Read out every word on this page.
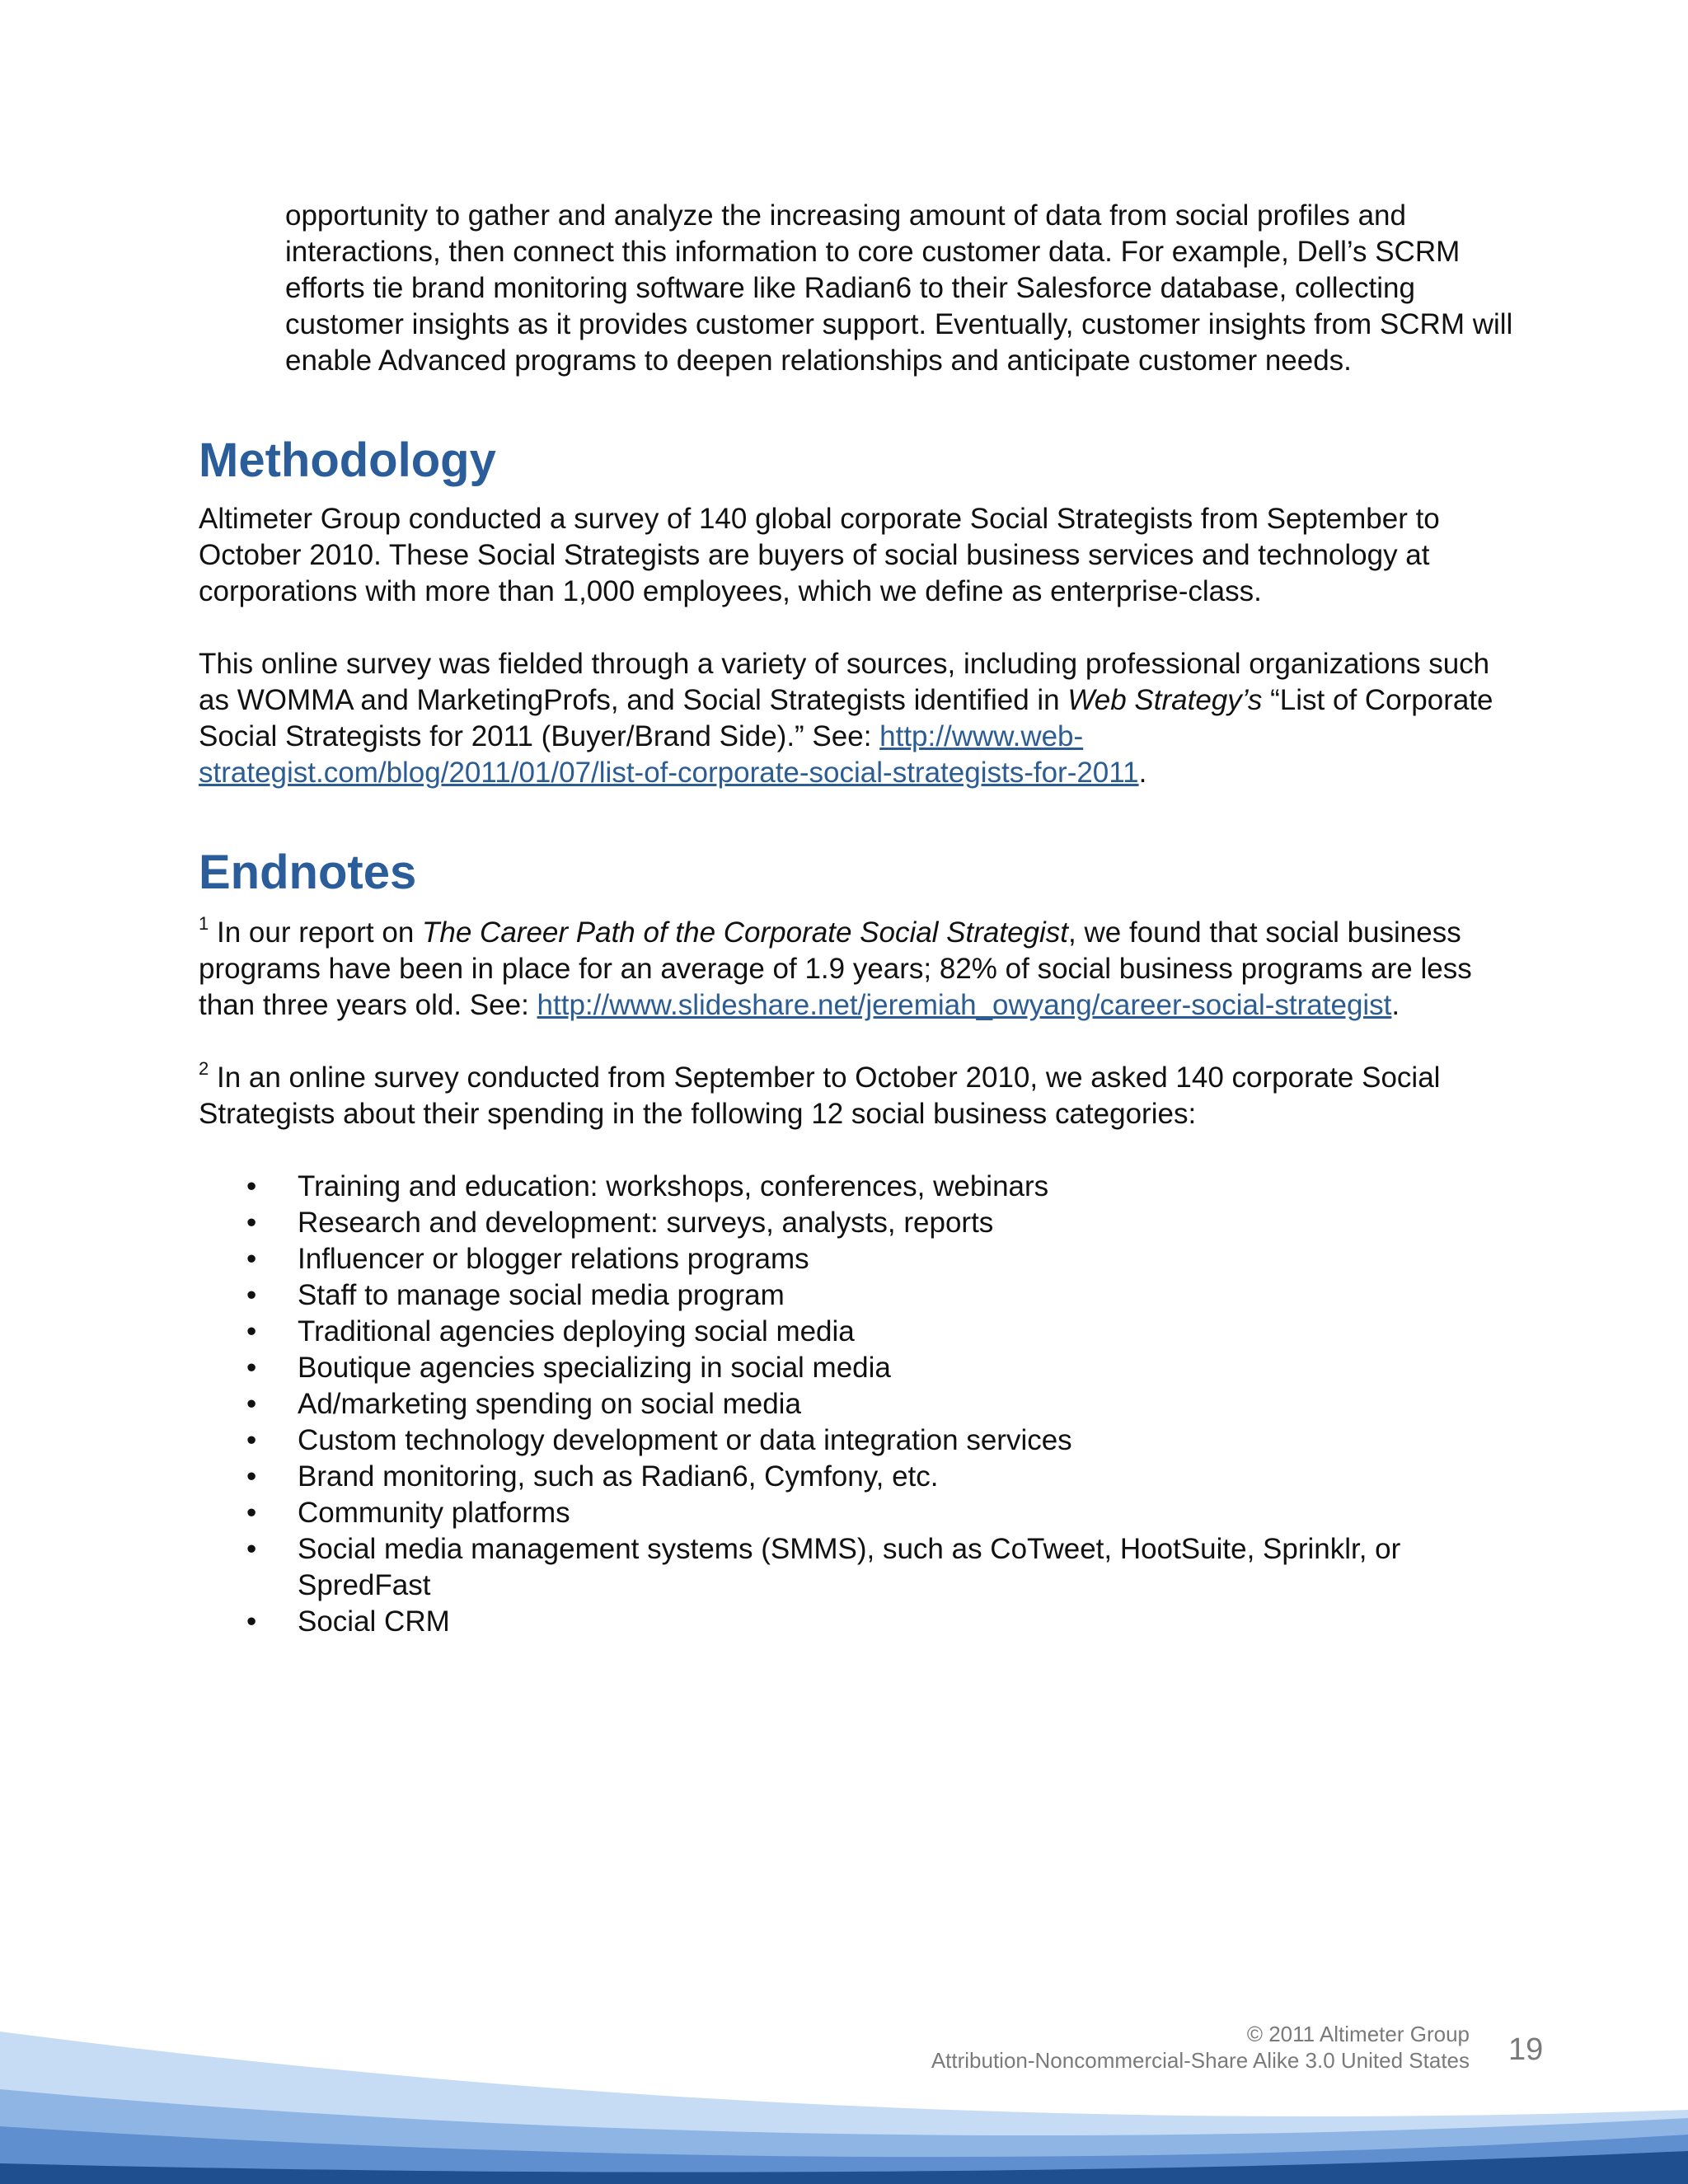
opportunity to gather and analyze the increasing amount of data from social profiles and interactions, then connect this information to core customer data. For example, Dell’s SCRM efforts tie brand monitoring software like Radian6 to their Salesforce database, collecting customer insights as it provides customer support. Eventually, customer insights from SCRM will enable Advanced programs to deepen relationships and anticipate customer needs.

Methodology

Altimeter Group conducted a survey of 140 global corporate Social Strategists from September to October 2010. These Social Strategists are buyers of social business services and technology at corporations with more than 1,000 employees, which we define as enterprise-class.

This online survey was fielded through a variety of sources, including professional organizations such as WOMMA and MarketingProfs, and Social Strategists identified in Web Strategy’s “List of Corporate Social Strategists for 2011 (Buyer/Brand Side).” See: http://www.web-strategist.com/blog/2011/01/07/list-of-corporate-social-strategists-for-2011.

Endnotes

$^1$ In our report on The Career Path of the Corporate Social Strategist, we found that social business programs have been in place for an average of 1.9 years; 82% of social business programs are less than three years old. See: http://www.slideshare.net/jeremiah_owyang/career-social-strategist.

$^2$ In an online survey conducted from September to October 2010, we asked 140 corporate Social Strategists about their spending in the following 12 social business categories:

• Training and education: workshops, conferences, webinars
• Research and development: surveys, analysts, reports
• Influencer or blogger relations programs
• Staff to manage social media program
• Traditional agencies deploying social media
• Boutique agencies specializing in social media
• Ad/marketing spending on social media
• Custom technology development or data integration services
• Brand monitoring, such as Radian6, Cymfony, etc.
• Community platforms
• Social media management systems (SMMS), such as CoTweet, HootSuite, Sprinklr, or SpredFast
• Social CRM
© 2011 Altimeter Group
Attribution-Noncommercial-Share Alike 3.0 United States 19
